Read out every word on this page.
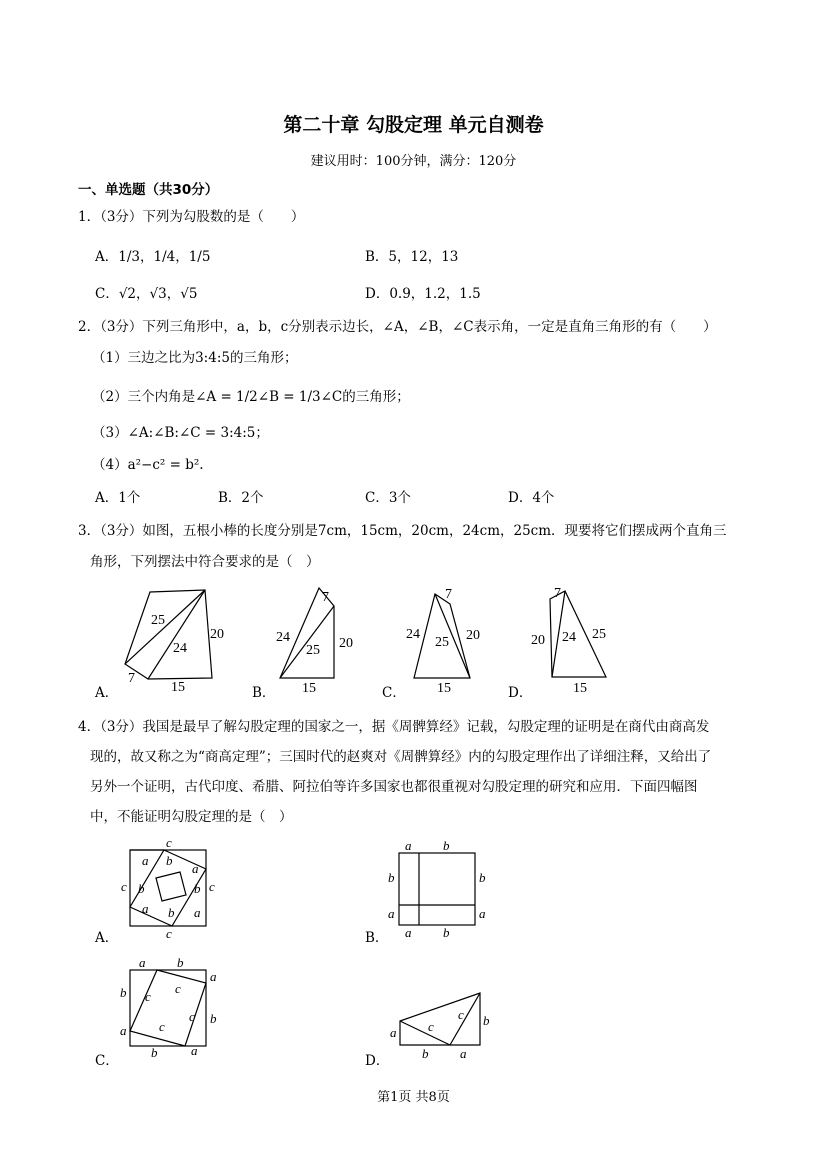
第二十章 勾股定理 单元自测卷
建议用时：100分钟，满分：120分
一、单选题（共30分）
1．（3分）下列为勾股数的是（　　）
A．1/3，1/4，1/5	B．5，12，13
C．√2，√3，√5	D．0.9，1.2，1.5
2．（3分）下列三角形中，a，b，c分别表示边长，∠A，∠B，∠C表示角，一定是直角三角形的有（　　）
（1）三边之比为3:4:5的三角形；
（2）三个内角是∠A = 1/2∠B = 1/3∠C的三角形；
（3）∠A:∠B:∠C = 3:4:5；
（4）a²−c² = b².
A．1个	B．2个	C．3个	D．4个
3．（3分）如图，五根小棒的长度分别是7cm，15cm，20cm，24cm，25cm．现要将它们摆成两个直角三
角形，下列摆法中符合要求的是（　）
A．	B．	C．	D．
25
24
20
7
15
7
24
25 20
15
7
24
25 20
15
7
20 24 25
15

4．（3分）我国是最早了解勾股定理的国家之一，据《周髀算经》记载，勾股定理的证明是在商代由商高发

现的，故又称之为“商高定理”；三国时代的赵爽对《周髀算经》内的勾股定理作出了详细注释，又给出了

另外一个证明，古代印度、希腊、阿拉伯等许多国家也都很重视对勾股定理的研究和应用．下面四幅图

中，不能证明勾股定理的是（　）

A．	B．
C．	D．
c
a b
c b
a
b c
a b a
c
a b
b	b
a	a
a b
a b
b c
c
a
c
c
a
b
b	a
a c
c b
b a
第1页 共8页
